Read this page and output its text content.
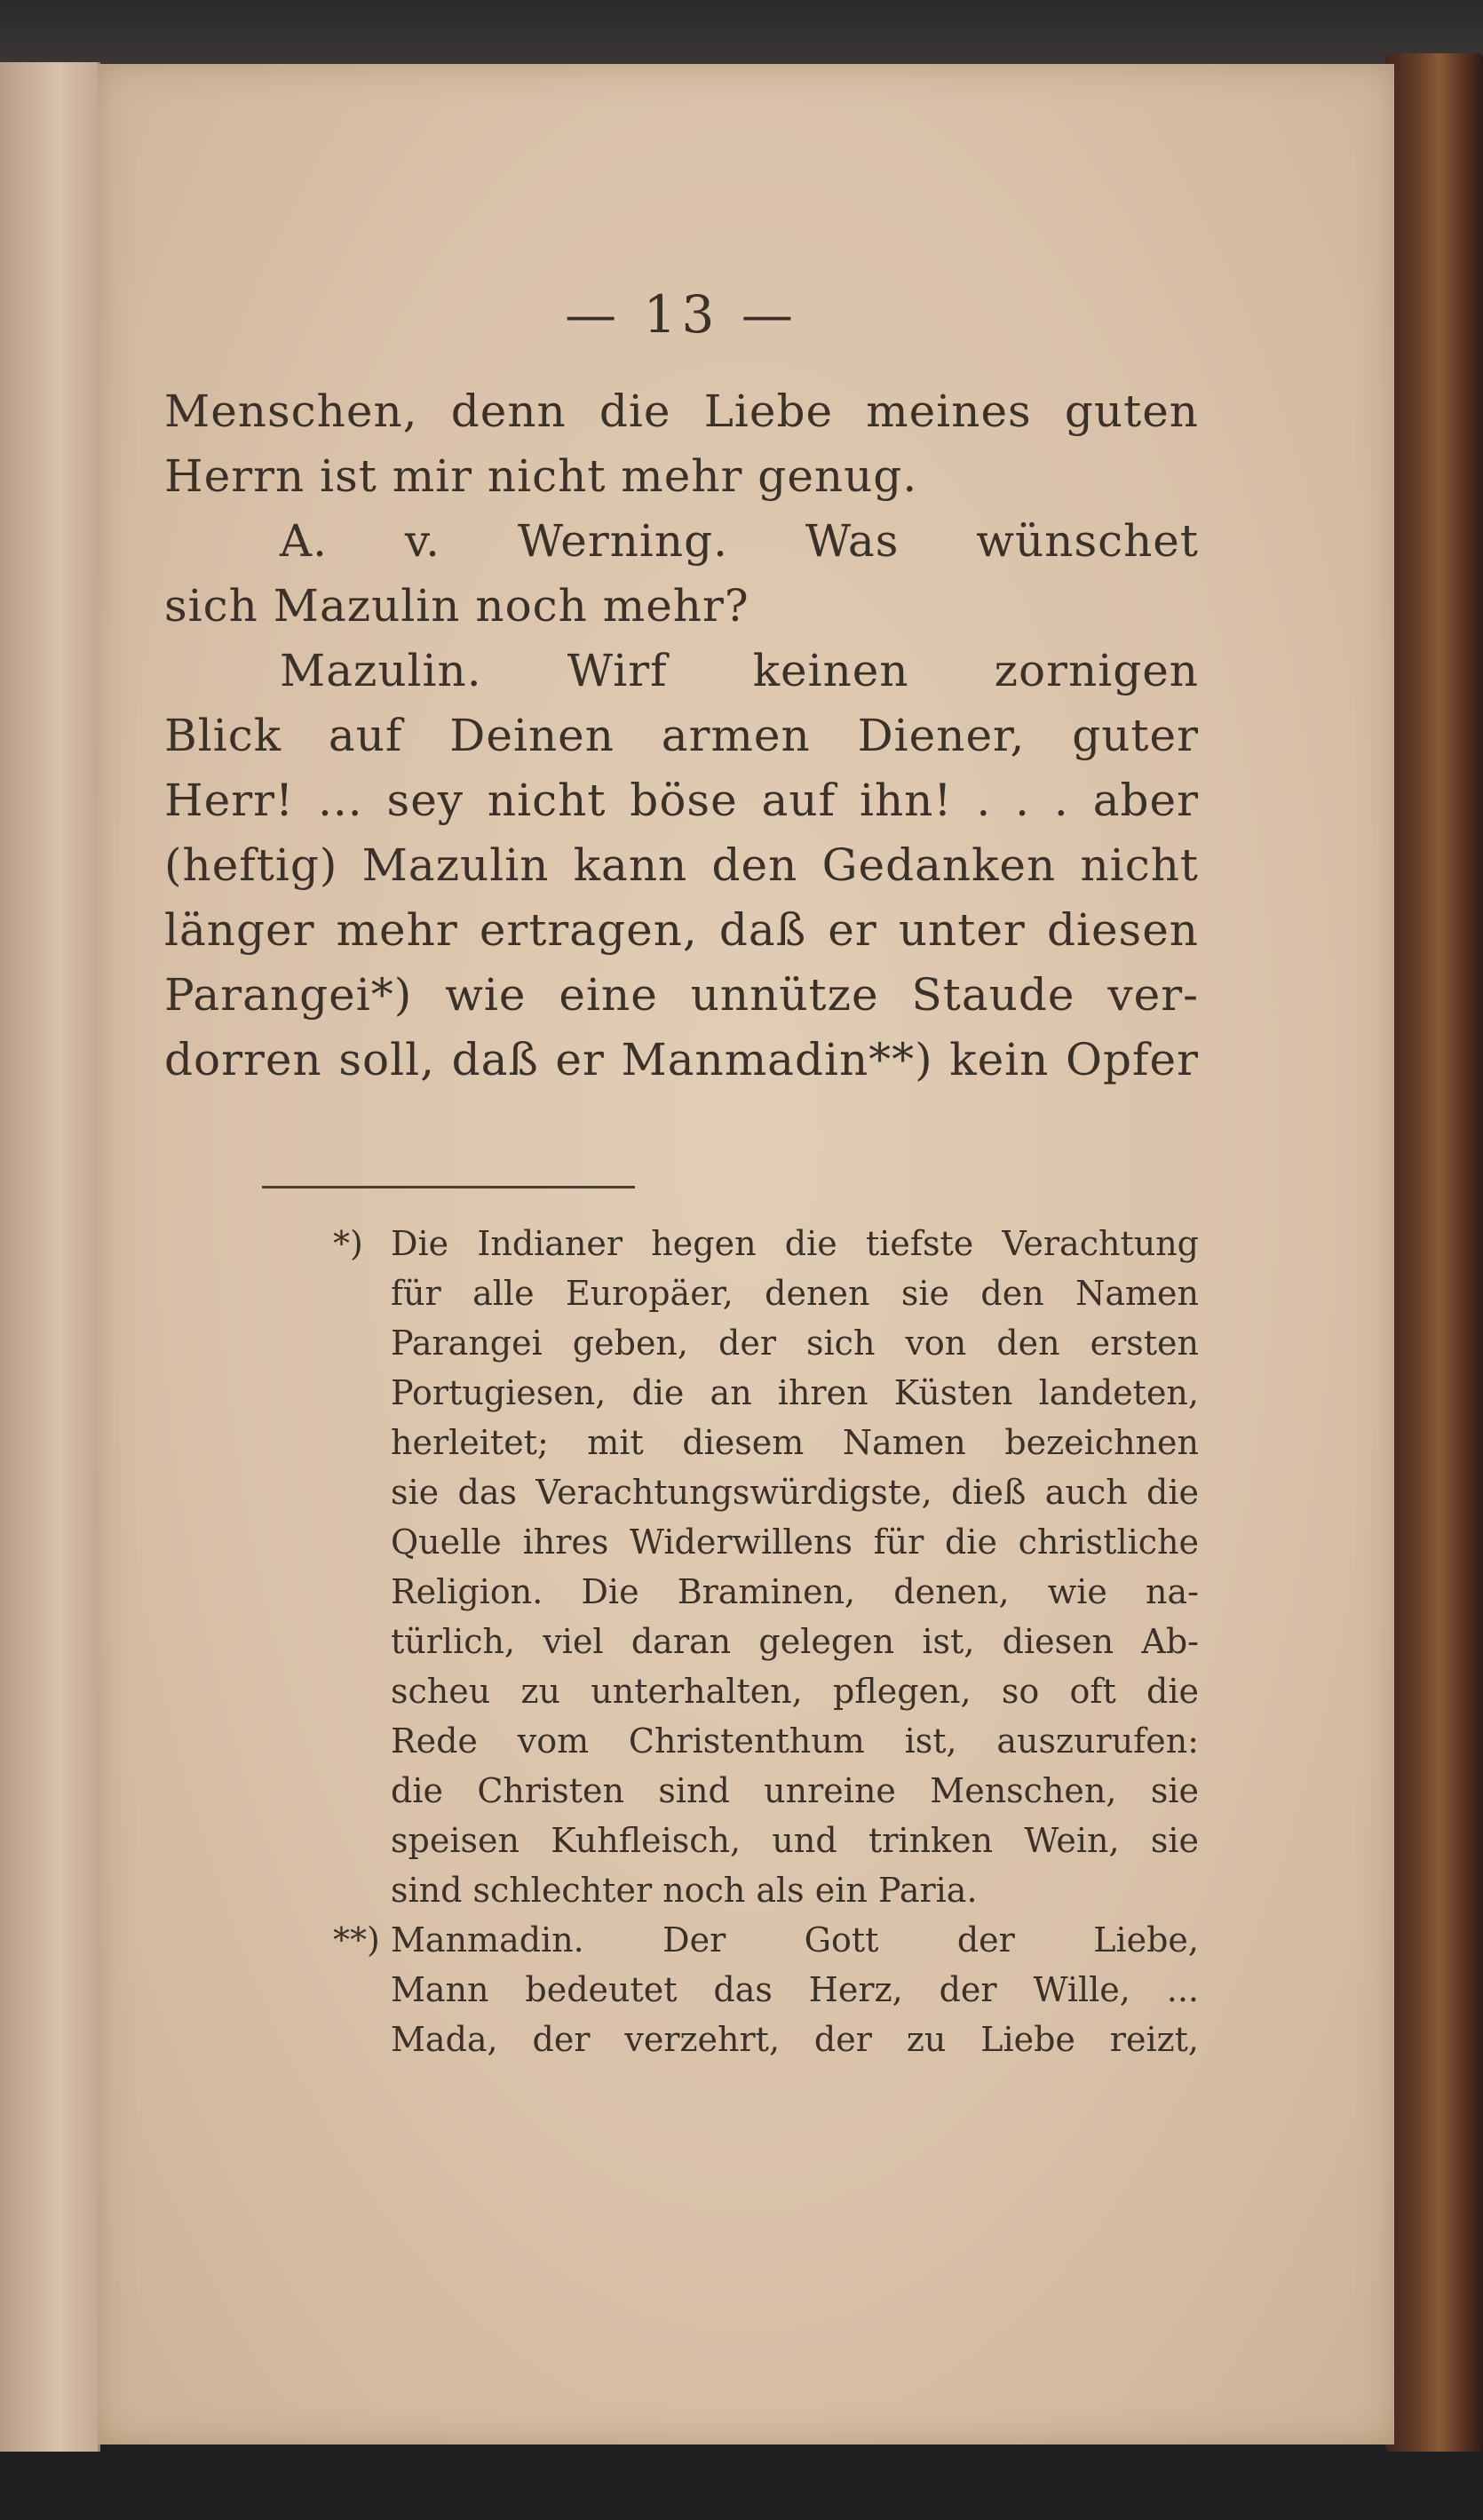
— 13 —
Menschen, denn die Liebe meines guten
Herrn ist mir nicht mehr genug.
A. v. Werning. Was wünschet
sich Mazulin noch mehr?
Mazulin. Wirf keinen zornigen
Blick auf Deinen armen Diener, guter
Herr! ... sey nicht böse auf ihn! . . . aber
(heftig) Mazulin kann den Gedanken nicht
länger mehr ertragen, daß er unter diesen
Parangei*) wie eine unnütze Staude ver-
dorren soll, daß er Manmadin**) kein Opfer
*) Die Indianer hegen die tiefste Verachtung
für alle Europäer, denen sie den Namen
Parangei geben, der sich von den ersten
Portugiesen, die an ihren Küsten landeten,
herleitet; mit diesem Namen bezeichnen
sie das Verachtungswürdigste, dieß auch die
Quelle ihres Widerwillens für die christliche
Religion. Die Braminen, denen, wie na-
türlich, viel daran gelegen ist, diesen Ab-
scheu zu unterhalten, pflegen, so oft die
Rede vom Christenthum ist, auszurufen:
die Christen sind unreine Menschen, sie
speisen Kuhfleisch, und trinken Wein, sie
sind schlechter noch als ein Paria.
**) Manmadin. Der Gott der Liebe,
Mann bedeutet das Herz, der Wille, ...
Mada, der verzehrt, der zu Liebe reizt,
